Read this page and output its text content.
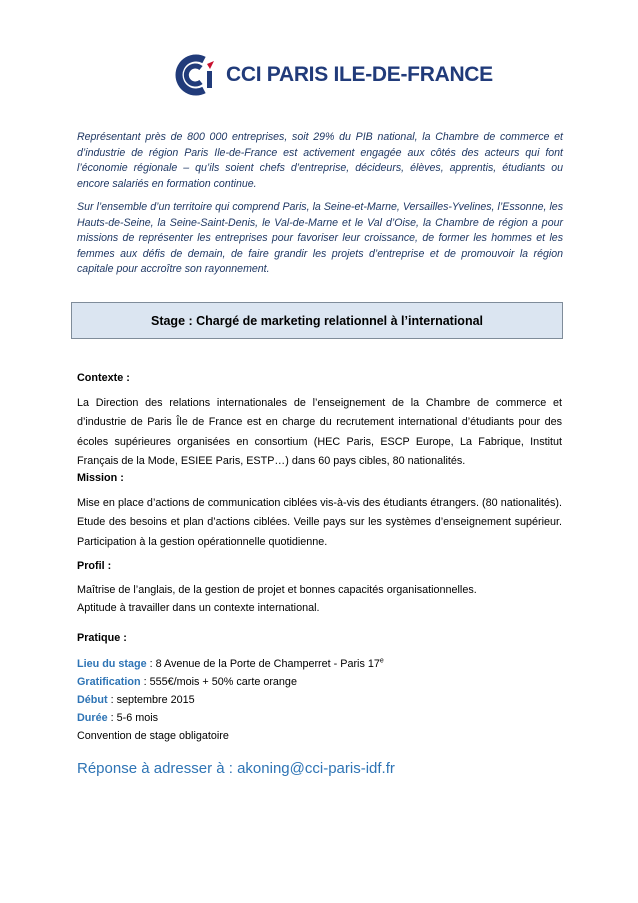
CCI PARIS ILE-DE-FRANCE

Représentant près de 800 000 entreprises, soit 29% du PIB national, la Chambre de commerce et d’industrie de région Paris Ile-de-France est activement engagée aux côtés des acteurs qui font l’économie régionale – qu’ils soient chefs d’entreprise, décideurs, élèves, apprentis, étudiants ou encore salariés en formation continue.

Sur l’ensemble d’un territoire qui comprend Paris, la Seine-et-Marne, Versailles-Yvelines, l’Essonne, les Hauts-de-Seine, la Seine-Saint-Denis, le Val-de-Marne et le Val d’Oise, la Chambre de région a pour missions de représenter les entreprises pour favoriser leur croissance, de former les hommes et les femmes aux défis de demain, de faire grandir les projets d’entreprise et de promouvoir la région capitale pour accroître son rayonnement.

Stage : Chargé de marketing relationnel à l’international

Contexte :

La Direction des relations internationales de l’enseignement de la Chambre de commerce et d’industrie de Paris Île de France est en charge du recrutement international d’étudiants pour des écoles supérieures organisées en consortium (HEC Paris, ESCP Europe, La Fabrique, Institut Français de la Mode, ESIEE Paris, ESTP…) dans 60 pays cibles, 80 nationalités.

Mission :

Mise en place d’actions de communication ciblées vis-à-vis des étudiants étrangers. (80 nationalités). Etude des besoins et plan d’actions ciblées. Veille pays sur les systèmes d’enseignement supérieur. Participation à la gestion opérationnelle quotidienne.

Profil :

Maîtrise de l’anglais, de la gestion de projet et bonnes capacités organisationnelles.

Aptitude à travailler dans un contexte international.

Pratique :

Lieu du stage : 8 Avenue de la Porte de Champerret - Paris 17e

Gratification : 555€/mois + 50% carte orange

Début : septembre 2015

Durée : 5-6 mois

Convention de stage obligatoire

Réponse à adresser à : akoning@cci-paris-idf.fr
